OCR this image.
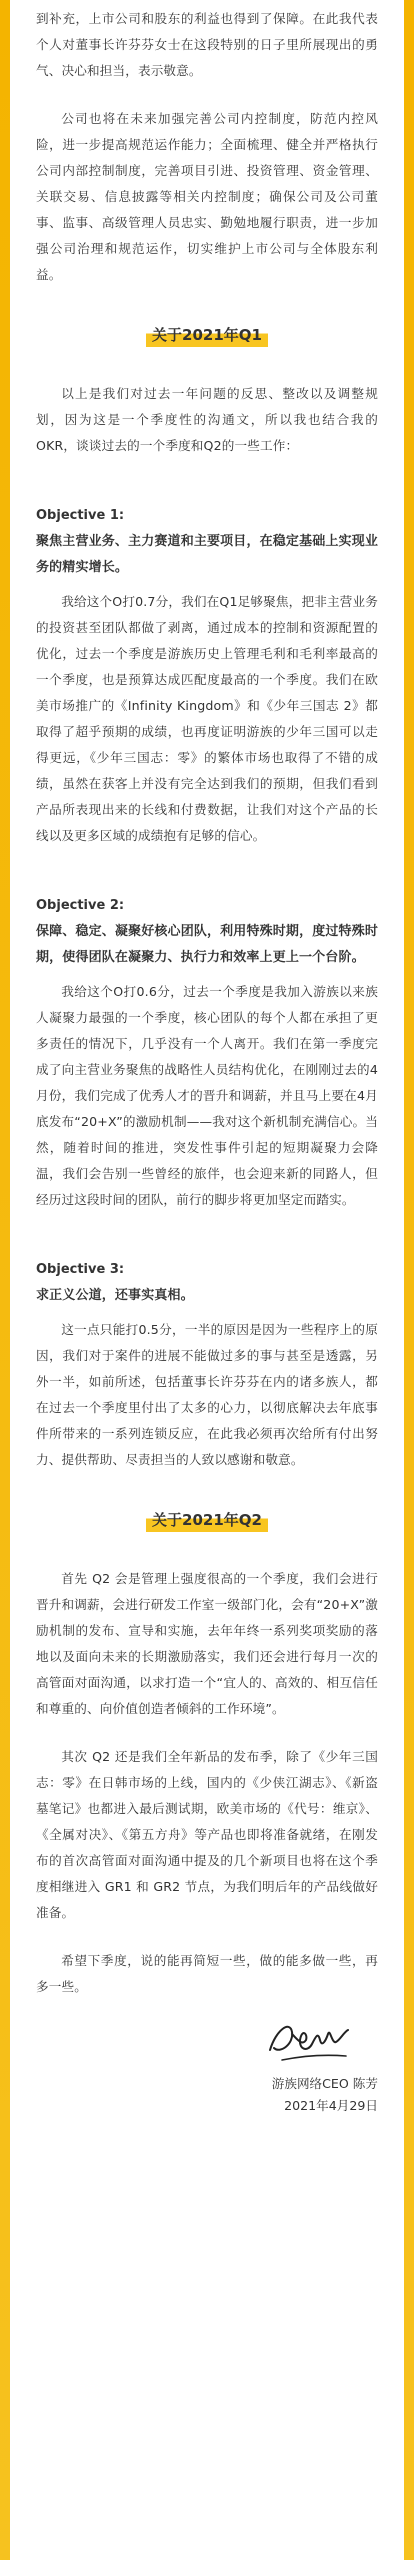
到补充，上市公司和股东的利益也得到了保障。在此我代表个人对董事长许芬芬女士在这段特别的日子里所展现出的勇气、决心和担当，表示敬意。

公司也将在未来加强完善公司内控制度，防范内控风险，进一步提高规范运作能力；全面梳理、健全并严格执行公司内部控制制度，完善项目引进、投资管理、资金管理、关联交易、信息披露等相关内控制度；确保公司及公司董事、监事、高级管理人员忠实、勤勉地履行职责，进一步加强公司治理和规范运作，切实维护上市公司与全体股东利益。

关于2021年Q1

以上是我们对过去一年问题的反思、整改以及调整规划，因为这是一个季度性的沟通文，所以我也结合我的OKR，谈谈过去的一个季度和Q2的一些工作：

Objective 1:

聚焦主营业务、主力赛道和主要项目，在稳定基础上实现业务的精实增长。

我给这个O打0.7分，我们在Q1足够聚焦，把非主营业务的投资甚至团队都做了剥离，通过成本的控制和资源配置的优化，过去一个季度是游族历史上管理毛利和毛利率最高的一个季度，也是预算达成匹配度最高的一个季度。我们在欧美市场推广的《Infinity Kingdom》和《少年三国志 2》都取得了超乎预期的成绩，也再度证明游族的少年三国可以走得更远，《少年三国志：零》的繁体市场也取得了不错的成绩，虽然在获客上并没有完全达到我们的预期，但我们看到产品所表现出来的长线和付费数据，让我们对这个产品的长线以及更多区域的成绩抱有足够的信心。

Objective 2:

保障、稳定、凝聚好核心团队，利用特殊时期，度过特殊时期，使得团队在凝聚力、执行力和效率上更上一个台阶。

我给这个O打0.6分，过去一个季度是我加入游族以来族人凝聚力最强的一个季度，核心团队的每个人都在承担了更多责任的情况下，几乎没有一个人离开。我们在第一季度完成了向主营业务聚焦的战略性人员结构优化，在刚刚过去的4月份，我们完成了优秀人才的晋升和调薪，并且马上要在4月底发布“20+X”的激励机制——我对这个新机制充满信心。当然，随着时间的推进，突发性事件引起的短期凝聚力会降温，我们会告别一些曾经的旅伴，也会迎来新的同路人，但经历过这段时间的团队，前行的脚步将更加坚定而踏实。

Objective 3:

求正义公道，还事实真相。

这一点只能打0.5分，一半的原因是因为一些程序上的原因，我们对于案件的进展不能做过多的事与甚至是透露，另外一半，如前所述，包括董事长许芬芬在内的诸多族人，都在过去一个季度里付出了太多的心力，以彻底解决去年底事件所带来的一系列连锁反应，在此我必须再次给所有付出努力、提供帮助、尽责担当的人致以感谢和敬意。

关于2021年Q2

首先 Q2 会是管理上强度很高的一个季度，我们会进行晋升和调薪，会进行研发工作室一级部门化，会有“20+X”激励机制的发布、宣导和实施，去年年终一系列奖项奖励的落地以及面向未来的长期激励落实，我们还会进行每月一次的高管面对面沟通，以求打造一个“宜人的、高效的、相互信任和尊重的、向价值创造者倾斜的工作环境”。

其次 Q2 还是我们全年新品的发布季，除了《少年三国志：零》在日韩市场的上线，国内的《少侠江湖志》、《新盗墓笔记》也都进入最后测试期，欧美市场的《代号：维京》、《全属对决》、《第五方舟》等产品也即将准备就绪，在刚发布的首次高管面对面沟通中提及的几个新项目也将在这个季度相继进入 GR1 和 GR2 节点，为我们明后年的产品线做好准备。

希望下季度，说的能再简短一些，做的能多做一些，再多一些。

游族网络CEO 陈芳
2021年4月29日
